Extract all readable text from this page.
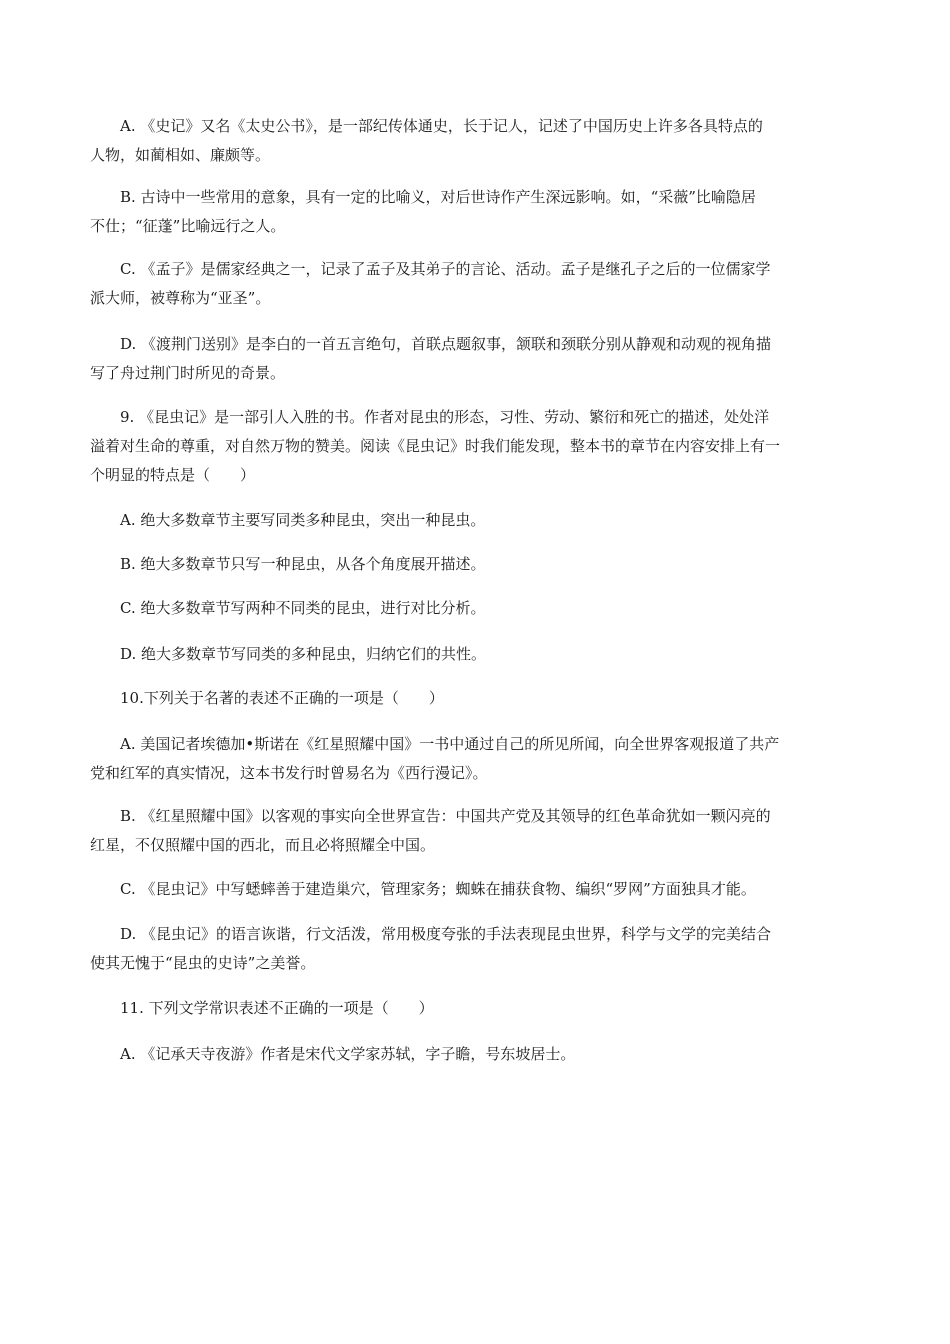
A. 《史记》又名《太史公书》，是一部纪传体通史，长于记人，记述了中国历史上许多各具特点的
人物，如蔺相如、廉颇等。
B. 古诗中一些常用的意象，具有一定的比喻义，对后世诗作产生深远影响。如，“采薇”比喻隐居
不仕；“征蓬”比喻远行之人。
C. 《孟子》是儒家经典之一，记录了孟子及其弟子的言论、活动。孟子是继孔子之后的一位儒家学
派大师，被尊称为“亚圣”。
D. 《渡荆门送别》是李白的一首五言绝句，首联点题叙事，颔联和颈联分别从静观和动观的视角描
写了舟过荆门时所见的奇景。
9. 《昆虫记》是一部引人入胜的书。作者对昆虫的形态，习性、劳动、繁衍和死亡的描述，处处洋
溢着对生命的尊重，对自然万物的赞美。阅读《昆虫记》时我们能发现，整本书的章节在内容安排上有一
个明显的特点是（　　）
A. 绝大多数章节主要写同类多种昆虫，突出一种昆虫。
B. 绝大多数章节只写一种昆虫，从各个角度展开描述。
C. 绝大多数章节写两种不同类的昆虫，进行对比分析。
D. 绝大多数章节写同类的多种昆虫，归纳它们的共性。
10.下列关于名著的表述不正确的一项是（　　）
A. 美国记者埃德加•斯诺在《红星照耀中国》一书中通过自己的所见所闻，向全世界客观报道了共产
党和红军的真实情况，这本书发行时曾易名为《西行漫记》。
B. 《红星照耀中国》以客观的事实向全世界宣告：中国共产党及其领导的红色革命犹如一颗闪亮的
红星，不仅照耀中国的西北，而且必将照耀全中国。
C. 《昆虫记》中写蟋蟀善于建造巢穴，管理家务；蜘蛛在捕获食物、编织“罗网”方面独具才能。
D. 《昆虫记》的语言诙谐，行文活泼，常用极度夸张的手法表现昆虫世界，科学与文学的完美结合
使其无愧于“昆虫的史诗”之美誉。
11. 下列文学常识表述不正确的一项是（　　）
A. 《记承天寺夜游》作者是宋代文学家苏轼，字子瞻，号东坡居士。
